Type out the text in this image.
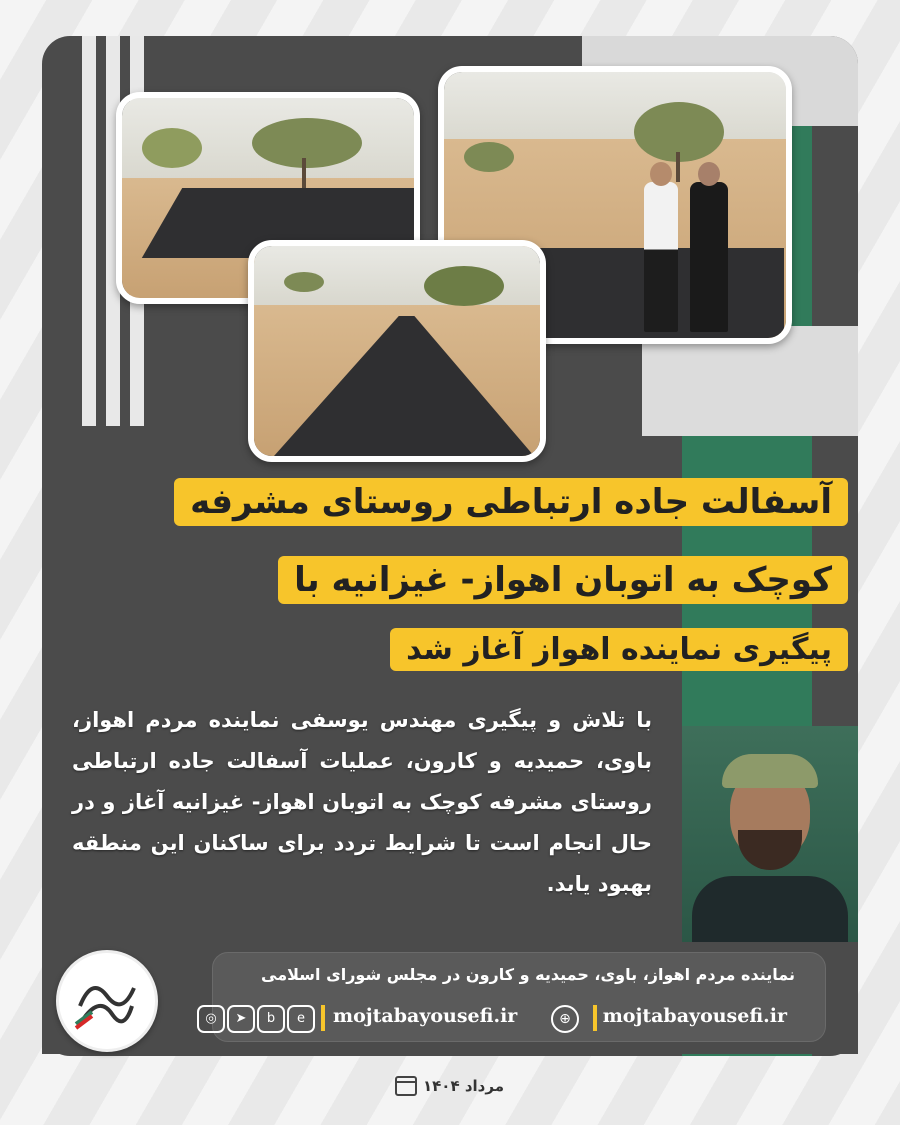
آسفالت جاده ارتباطی روستای مشرفه
کوچک به اتوبان اهواز- غیزانیه با
پیگیری نماینده اهواز آغاز شد
با تلاش و پیگیری مهندس یوسفی نماینده مردم اهواز، باوی، حمیدیه و کارون، عملیات آسفالت جاده ارتباطی روستای مشرفه کوچک به اتوبان اهواز- غیزانیه آغاز و در حال انجام است تا شرایط تردد برای ساکنان این منطقه بهبود یابد.
نماینده مردم اهواز، باوی، حمیدیه و کارون در مجلس شورای اسلامی
mojtabayousefi.ir
⊕
mojtabayousefi.ir
e
b
➤
◎
مرداد ۱۴۰۴
